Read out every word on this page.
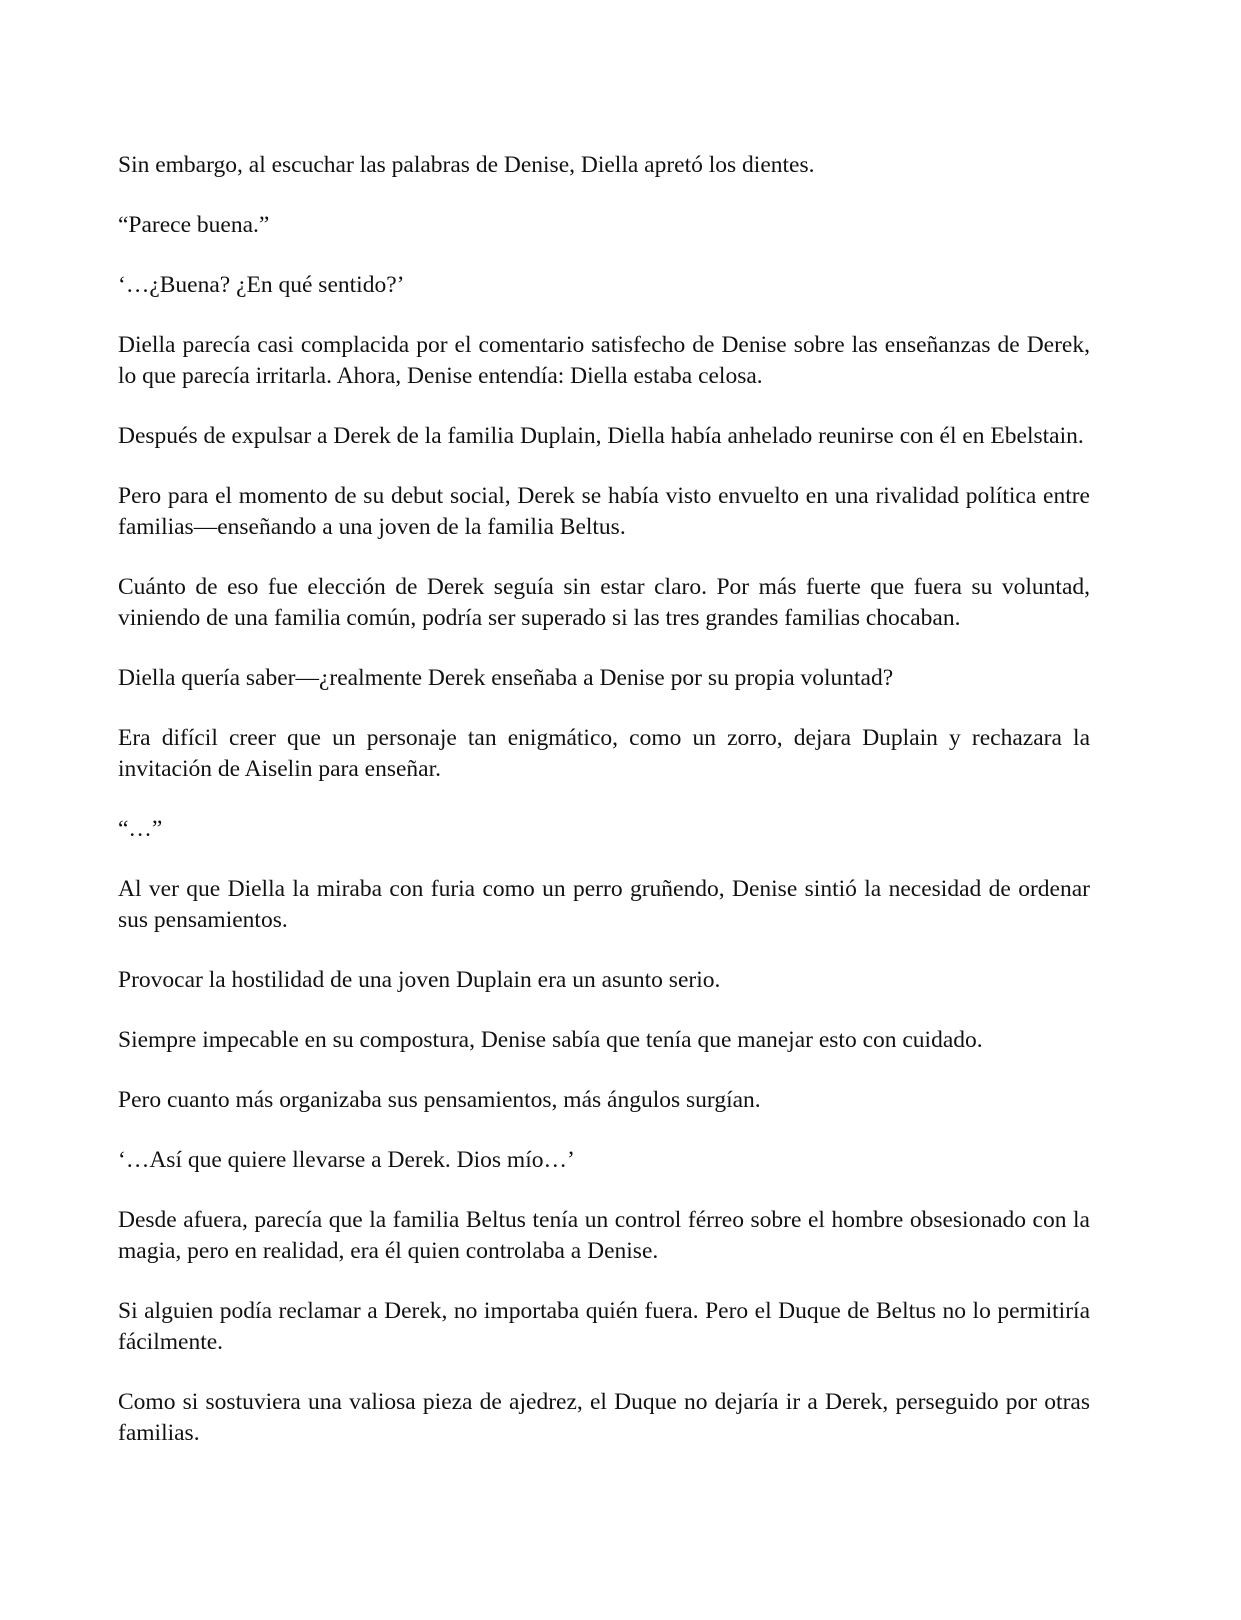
Sin embargo, al escuchar las palabras de Denise, Diella apretó los dientes.

“Parece buena.”

‘…¿Buena? ¿En qué sentido?’

Diella parecía casi complacida por el comentario satisfecho de Denise sobre las enseñanzas de Derek, lo que parecía irritarla. Ahora, Denise entendía: Diella estaba celosa.

Después de expulsar a Derek de la familia Duplain, Diella había anhelado reunirse con él en Ebelstain.

Pero para el momento de su debut social, Derek se había visto envuelto en una rivalidad política entre familias—enseñando a una joven de la familia Beltus.

Cuánto de eso fue elección de Derek seguía sin estar claro. Por más fuerte que fuera su voluntad, viniendo de una familia común, podría ser superado si las tres grandes familias chocaban.

Diella quería saber—¿realmente Derek enseñaba a Denise por su propia voluntad?

Era difícil creer que un personaje tan enigmático, como un zorro, dejara Duplain y rechazara la invitación de Aiselin para enseñar.

“…”

Al ver que Diella la miraba con furia como un perro gruñendo, Denise sintió la necesidad de ordenar sus pensamientos.

Provocar la hostilidad de una joven Duplain era un asunto serio.

Siempre impecable en su compostura, Denise sabía que tenía que manejar esto con cuidado.

Pero cuanto más organizaba sus pensamientos, más ángulos surgían.

‘…Así que quiere llevarse a Derek. Dios mío…’

Desde afuera, parecía que la familia Beltus tenía un control férreo sobre el hombre obsesionado con la magia, pero en realidad, era él quien controlaba a Denise.

Si alguien podía reclamar a Derek, no importaba quién fuera. Pero el Duque de Beltus no lo permitiría fácilmente.

Como si sostuviera una valiosa pieza de ajedrez, el Duque no dejaría ir a Derek, perseguido por otras familias.
